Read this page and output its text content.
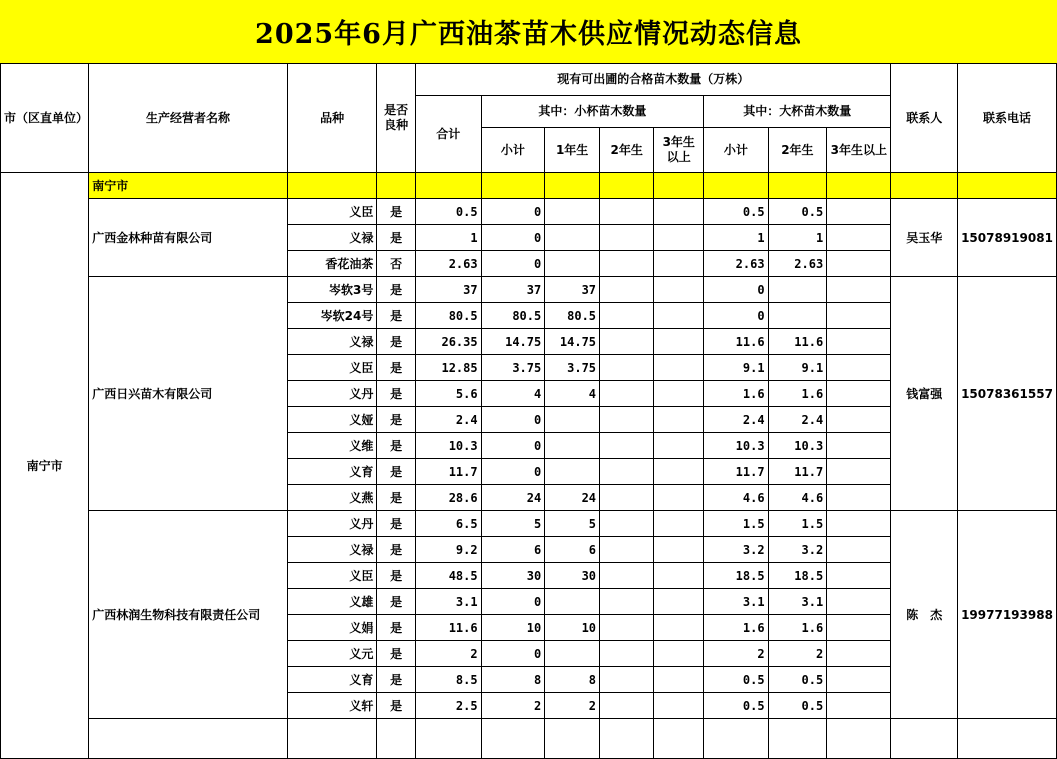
2025年6月广西油茶苗木供应情况动态信息
市（区直单位）	生产经营者名称	品种	是否良种	现有可出圃的合格苗木数量（万株）								联系人	联系电话
				合计	其中：小杯苗木数量				其中：大杯苗木数量				
					小计	1年生	2年生	3年生以上	小计	2年生	3年生以上		
南宁市	南宁市												
	广西金林种苗有限公司	义臣	是	0.5	0				0.5	0.5		吴玉华	15078919081
		义禄	是	1	0				1	1			
		香花油茶	否	2.63	0				2.63	2.63			
	广西日兴苗木有限公司	岑软3号	是	37	37	37			0			钱富强	15078361557
		岑软24号	是	80.5	80.5	80.5			0				
		义禄	是	26.35	14.75	14.75			11.6	11.6			
		义臣	是	12.85	3.75	3.75			9.1	9.1			
		义丹	是	5.6	4	4			1.6	1.6			
		义娅	是	2.4	0				2.4	2.4			
		义维	是	10.3	0				10.3	10.3			
		义育	是	11.7	0				11.7	11.7			
		义燕	是	28.6	24	24			4.6	4.6			
	广西林润生物科技有限责任公司	义丹	是	6.5	5	5			1.5	1.5		陈　杰	19977193988
		义禄	是	9.2	6	6			3.2	3.2			
		义臣	是	48.5	30	30			18.5	18.5			
		义雄	是	3.1	0				3.1	3.1			
		义娟	是	11.6	10	10			1.6	1.6			
		义元	是	2	0				2	2			
		义育	是	8.5	8	8			0.5	0.5			
		义轩	是	2.5	2	2			0.5	0.5			
